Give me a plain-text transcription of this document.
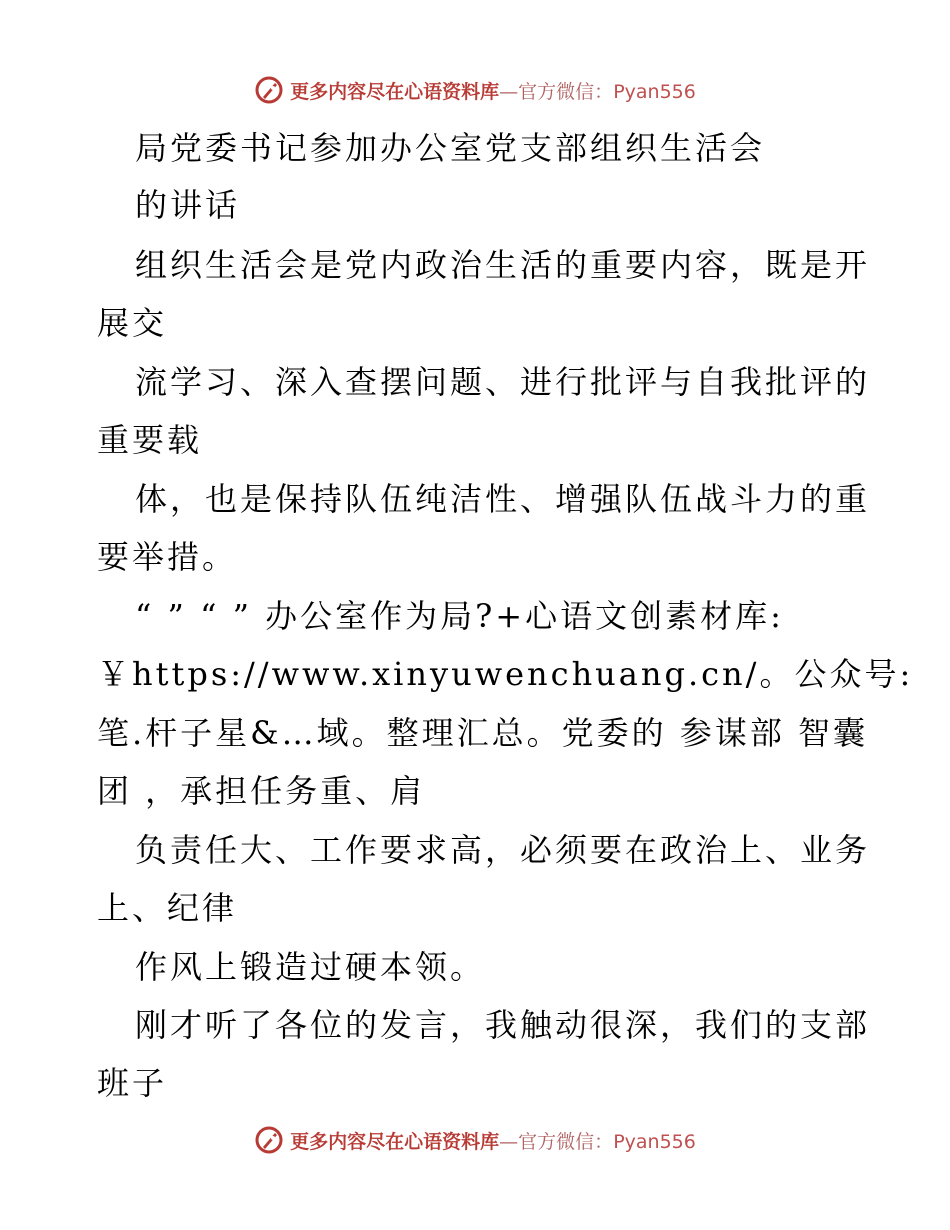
更多内容尽在心语资料库—官方微信：Pyan556
局党委书记参加办公室党支部组织生活会
的讲话
组织生活会是党内政治生活的重要内容，既是开
展交
流学习、深入查摆问题、进行批评与自我批评的
重要载
体，也是保持队伍纯洁性、增强队伍战斗力的重
要举措。
“ ” “ ” 办公室作为局?+心语文创素材库:
￥https://www.xinyuwenchuang.cn/。公众号:
笔.杆子星&…域。整理汇总。党委的 参谋部 智囊
团 ，承担任务重、肩
负责任大、工作要求高，必须要在政治上、业务
上、纪律
作风上锻造过硬本领。
刚才听了各位的发言，我触动很深，我们的支部
班子
更多内容尽在心语资料库—官方微信：Pyan556
